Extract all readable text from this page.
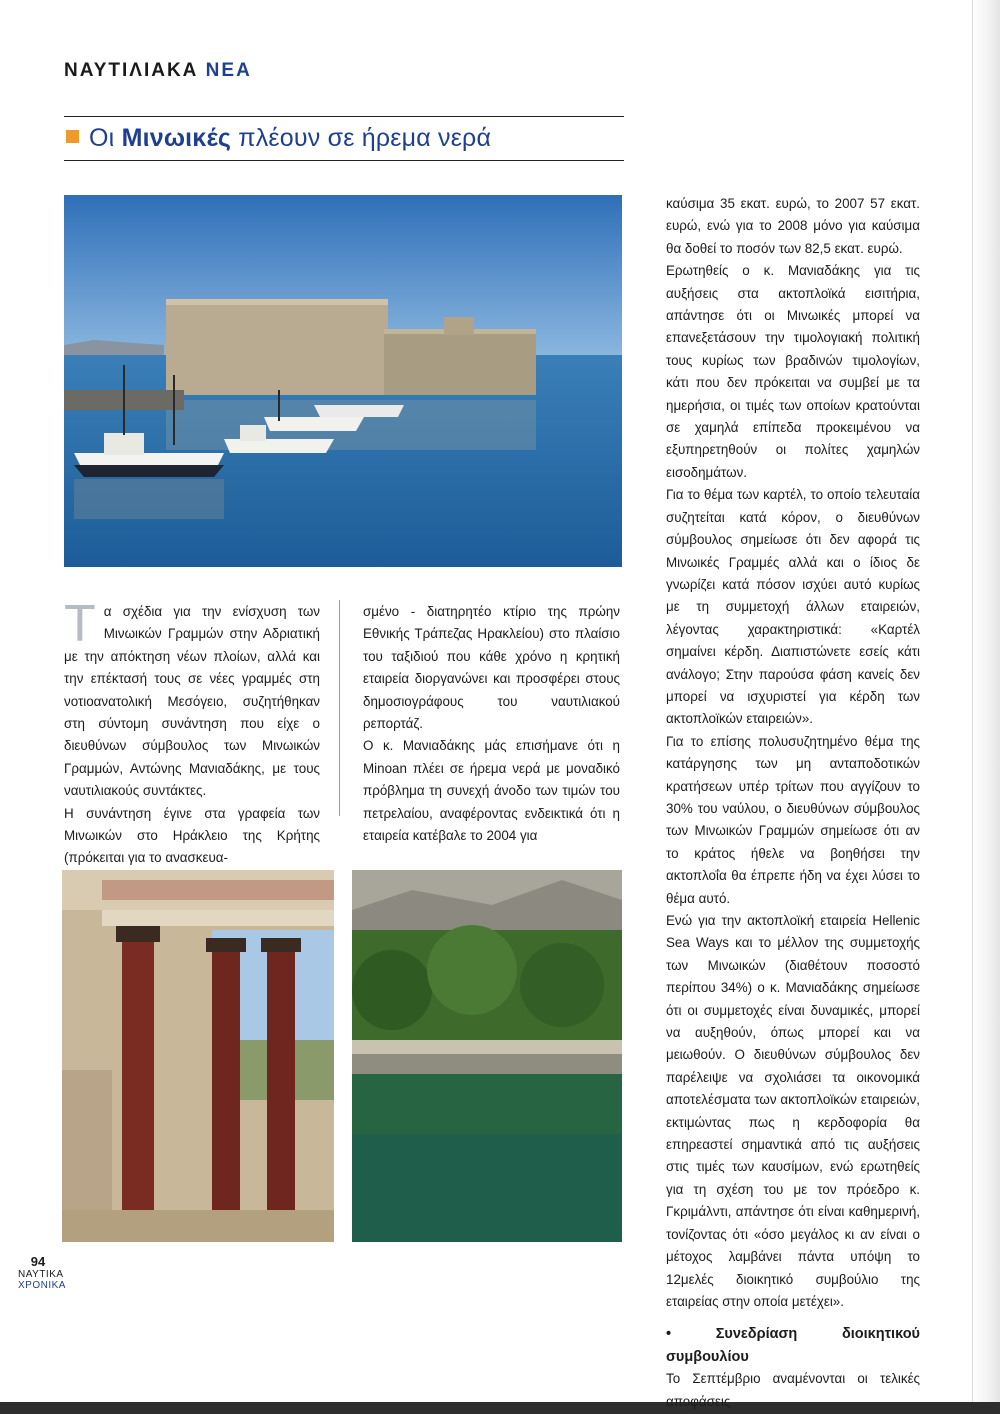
ΝΑΥΤΙΛΙΑΚΑ ΝΕΑ
Οι Μινωικές πλέουν σε ήρεμα νερά

Τα σχέδια για την ενίσχυση των Μινωικών Γραμμών στην Αδριατική με την απόκτηση νέων πλοίων, αλλά και την επέκτασή τους σε νέες γραμμές στη νοτιοανατολική Μεσόγειο, συζητήθηκαν στη σύντομη συνάντηση που είχε ο διευθύνων σύμβουλος των Μινωικών Γραμμών, Αντώνης Μανιαδάκης, με τους ναυτιλιακούς συντάκτες.

Η συνάντηση έγινε στα γραφεία των Μινωικών στο Ηράκλειο της Κρήτης (πρόκειται για το ανασκευα-

σμένο - διατηρητέο κτίριο της πρώην Εθνικής Τράπεζας Ηρακλείου) στο πλαίσιο του ταξιδιού που κάθε χρόνο η κρητική εταιρεία διοργανώνει και προσφέρει στους δημοσιογράφους του ναυτιλιακού ρεπορτάζ.

Ο κ. Μανιαδάκης μάς επισήμανε ότι η Minoan πλέει σε ήρεμα νερά με μοναδικό πρόβλημα τη συνεχή άνοδο των τιμών του πετρελαίου, αναφέροντας ενδεικτικά ότι η εταιρεία κατέβαλε το 2004 για

καύσιμα 35 εκατ. ευρώ, το 2007 57 εκατ. ευρώ, ενώ για το 2008 μόνο για καύσιμα θα δοθεί το ποσόν των 82,5 εκατ. ευρώ.

Ερωτηθείς ο κ. Μανιαδάκης για τις αυξήσεις στα ακτοπλοϊκά εισιτήρια, απάντησε ότι οι Μινωικές μπορεί να επανεξετάσουν την τιμολογιακή πολιτική τους κυρίως των βραδινών τιμολογίων, κάτι που δεν πρόκειται να συμβεί με τα ημερήσια, οι τιμές των οποίων κρατούνται σε χαμηλά επίπεδα προκειμένου να εξυπηρετηθούν οι πολίτες χαμηλών εισοδημάτων.

Για το θέμα των καρτέλ, το οποίο τελευταία συζητείται κατά κόρον, ο διευθύνων σύμβουλος σημείωσε ότι δεν αφορά τις Μινωικές Γραμμές αλλά και ο ίδιος δε γνωρίζει κατά πόσον ισχύει αυτό κυρίως με τη συμμετοχή άλλων εταιρειών, λέγοντας χαρακτηριστικά: «Καρτέλ σημαίνει κέρδη. Διαπιστώνετε εσείς κάτι ανάλογο; Στην παρούσα φάση κανείς δεν μπορεί να ισχυριστεί για κέρδη των ακτοπλοϊκών εταιρειών».

Για το επίσης πολυσυζητημένο θέμα της κατάργησης των μη ανταποδοτικών κρατήσεων υπέρ τρίτων που αγγίζουν το 30% του ναύλου, ο διευθύνων σύμβουλος των Μινωικών Γραμμών σημείωσε ότι αν το κράτος ήθελε να βοηθήσει την ακτοπλοΐα θα έπρεπε ήδη να έχει λύσει το θέμα αυτό.

Ενώ για την ακτοπλοϊκή εταιρεία Hellenic Sea Ways και το μέλλον της συμμετοχής των Μινωικών (διαθέτουν ποσοστό περίπου 34%) ο κ. Μανιαδάκης σημείωσε ότι οι συμμετοχές είναι δυναμικές, μπορεί να αυξηθούν, όπως μπορεί και να μειωθούν. Ο διευθύνων σύμβουλος δεν παρέλειψε να σχολιάσει τα οικονομικά αποτελέσματα των ακτοπλοϊκών εταιρειών, εκτιμώντας πως η κερδοφορία θα επηρεαστεί σημαντικά από τις αυξήσεις στις τιμές των καυσίμων, ενώ ερωτηθείς για τη σχέση του με τον πρόεδρο κ. Γκριμάλντι, απάντησε ότι είναι καθημερινή, τονίζοντας ότι «όσο μεγάλος κι αν είναι ο μέτοχος λαμβάνει πάντα υπόψη το 12μελές διοικητικό συμβούλιο της εταιρείας στην οποία μετέχει».

• Συνεδρίαση διοικητικού συμβουλίου

Το Σεπτέμβριο αναμένονται οι τελικές αποφάσεις

94
ΝΑΥΤΙΚΑ
ΧΡΟΝΙΚΑ
